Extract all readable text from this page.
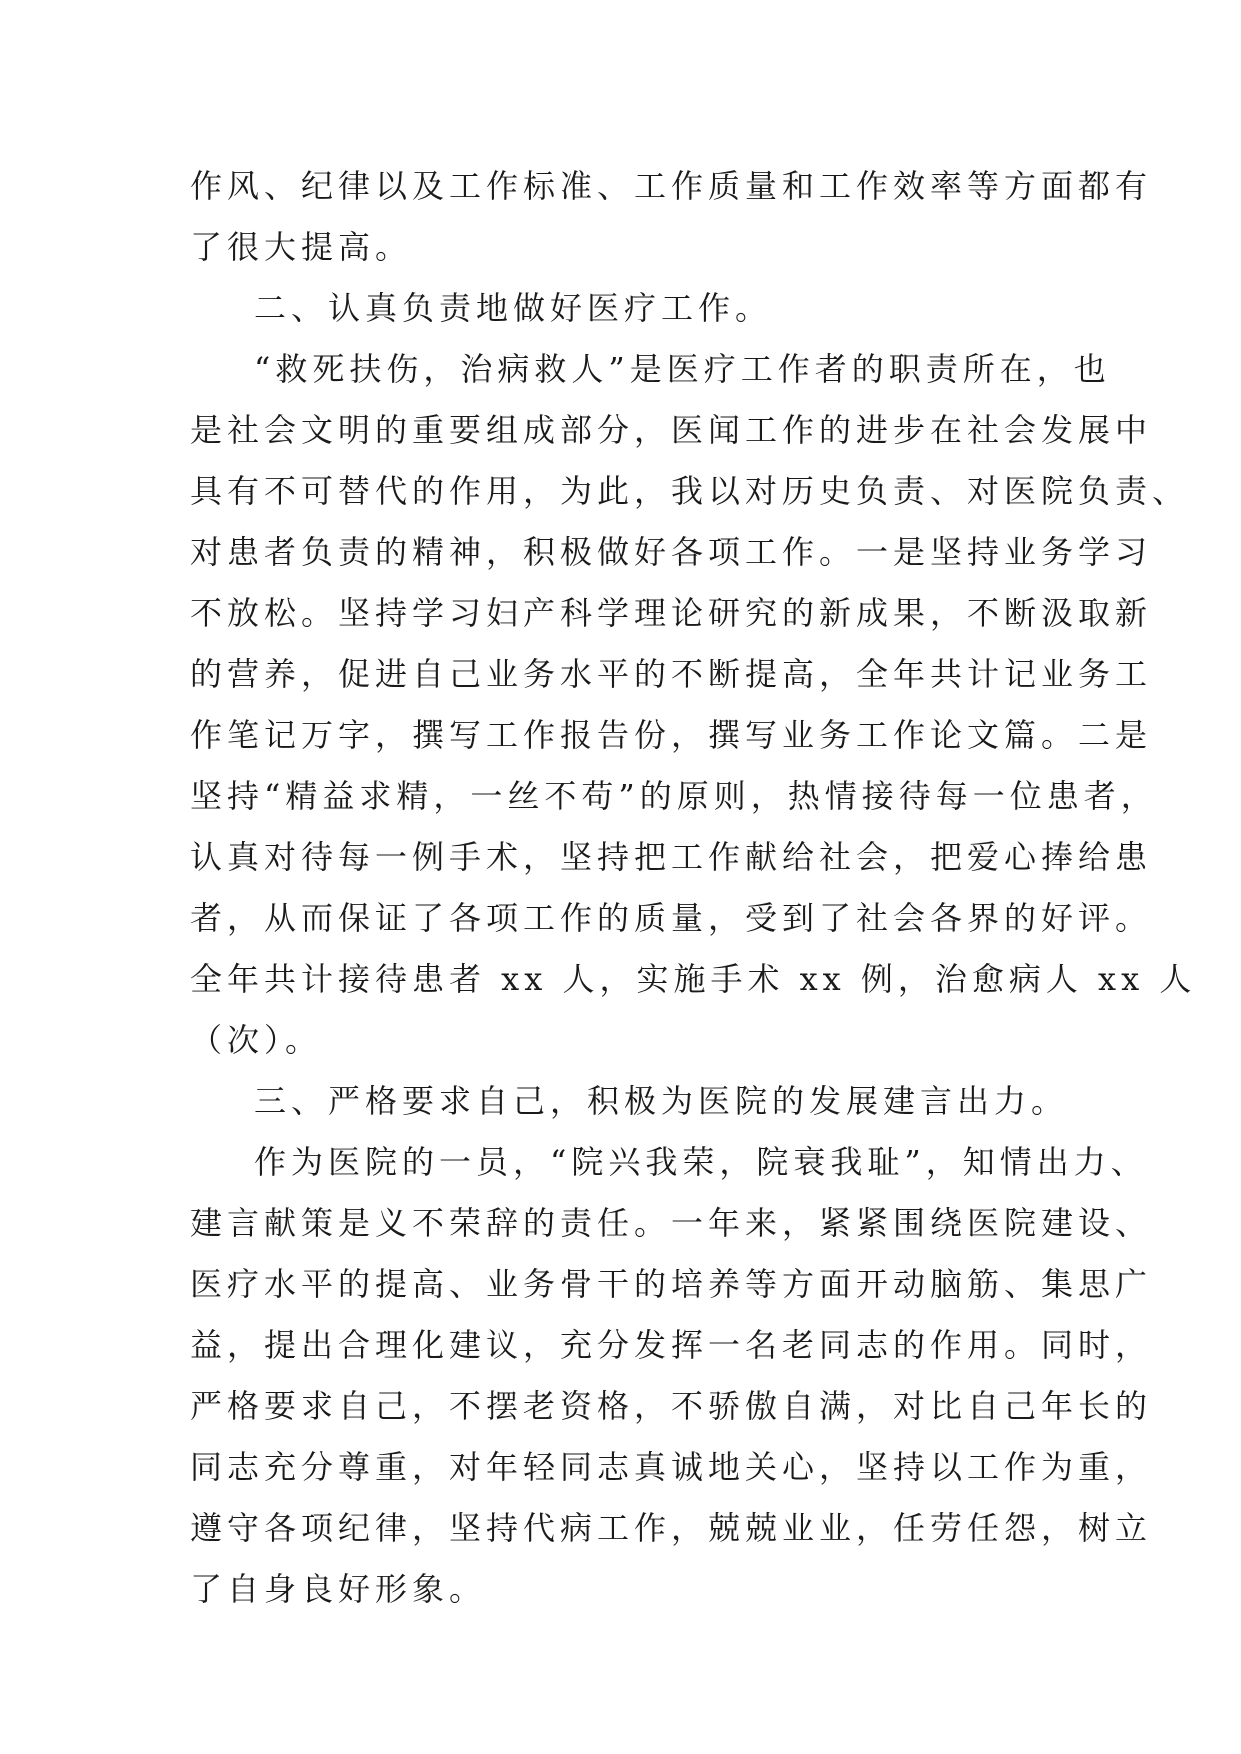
作风、纪律以及工作标准、工作质量和工作效率等方面都有
了很大提高。
二、认真负责地做好医疗工作。
“救死扶伤，治病救人”是医疗工作者的职责所在，也
是社会文明的重要组成部分，医闻工作的进步在社会发展中
具有不可替代的作用，为此，我以对历史负责、对医院负责、
对患者负责的精神，积极做好各项工作。一是坚持业务学习
不放松。坚持学习妇产科学理论研究的新成果，不断汲取新
的营养，促进自己业务水平的不断提高，全年共计记业务工
作笔记万字，撰写工作报告份，撰写业务工作论文篇。二是
坚持“精益求精，一丝不苟”的原则，热情接待每一位患者，
认真对待每一例手术，坚持把工作献给社会，把爱心捧给患
者，从而保证了各项工作的质量，受到了社会各界的好评。
全年共计接待患者 xx 人，实施手术 xx 例，治愈病人 xx 人
（次）。
三、严格要求自己，积极为医院的发展建言出力。
作为医院的一员，“院兴我荣，院衰我耻”，知情出力、
建言献策是义不荣辞的责任。一年来，紧紧围绕医院建设、
医疗水平的提高、业务骨干的培养等方面开动脑筋、集思广
益，提出合理化建议，充分发挥一名老同志的作用。同时，
严格要求自己，不摆老资格，不骄傲自满，对比自己年长的
同志充分尊重，对年轻同志真诚地关心，坚持以工作为重，
遵守各项纪律，坚持代病工作，兢兢业业，任劳任怨，树立
了自身良好形象。
